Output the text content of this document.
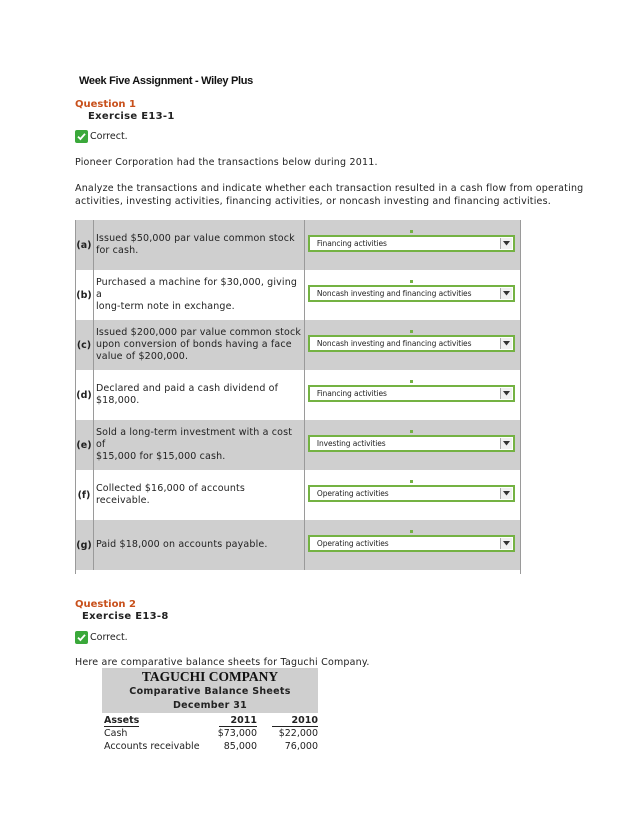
Week Five Assignment - Wiley Plus
Question 1
Exercise E13-1
Correct.
Pioneer Corporation had the transactions below during 2011.
Analyze the transactions and indicate whether each transaction resulted in a cash flow from operating
activities, investing activities, financing activities, or noncash investing and financing activities.
(a)	Issued $50,000 par value common stock
for cash.	Financing activities

(b)	Purchased a machine for $30,000, giving a
long-term note in exchange.	Noncash investing and financing activities

(c)	Issued $200,000 par value common stock
upon conversion of bonds having a face
value of $200,000.	Noncash investing and financing activities

(d)	Declared and paid a cash dividend of
$18,000.	Financing activities

(e)	Sold a long-term investment with a cost of
$15,000 for $15,000 cash.	Investing activities

(f)	Collected $16,000 of accounts receivable.	Operating activities

(g)	Paid $18,000 on accounts payable.	Operating activities
Question 2
Exercise E13-8
Correct.
Here are comparative balance sheets for Taguchi Company.
TAGUCHI COMPANY
Comparative Balance Sheets
December 31
Assets	2011	2010
Cash	$73,000	$22,000
Accounts receivable	85,000	76,000
